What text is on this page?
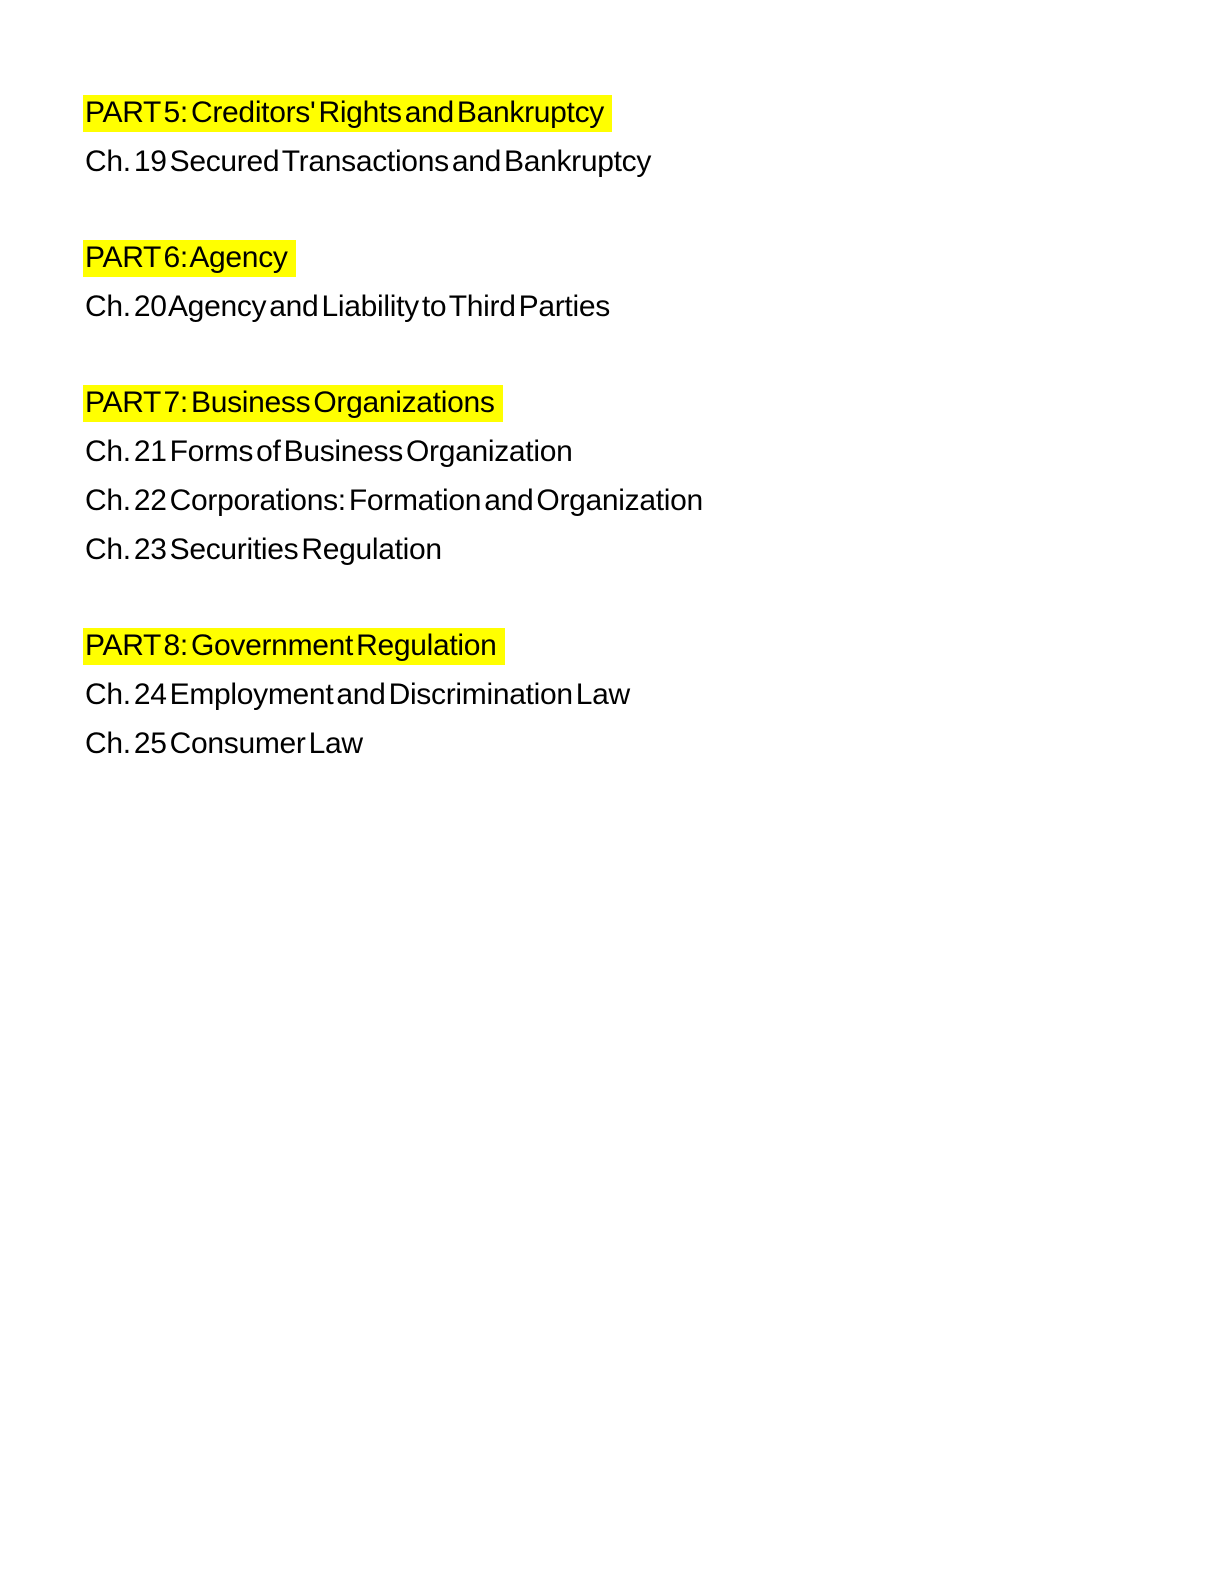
PART 5: Creditors' Rights and Bankruptcy
Ch. 19 Secured Transactions and Bankruptcy
PART 6: Agency
Ch. 20 Agency and Liability to Third Parties
PART 7: Business Organizations
Ch. 21 Forms of Business Organization
Ch. 22 Corporations: Formation and Organization
Ch. 23 Securities Regulation
PART 8: Government Regulation
Ch. 24 Employment and Discrimination Law
Ch. 25 Consumer Law
